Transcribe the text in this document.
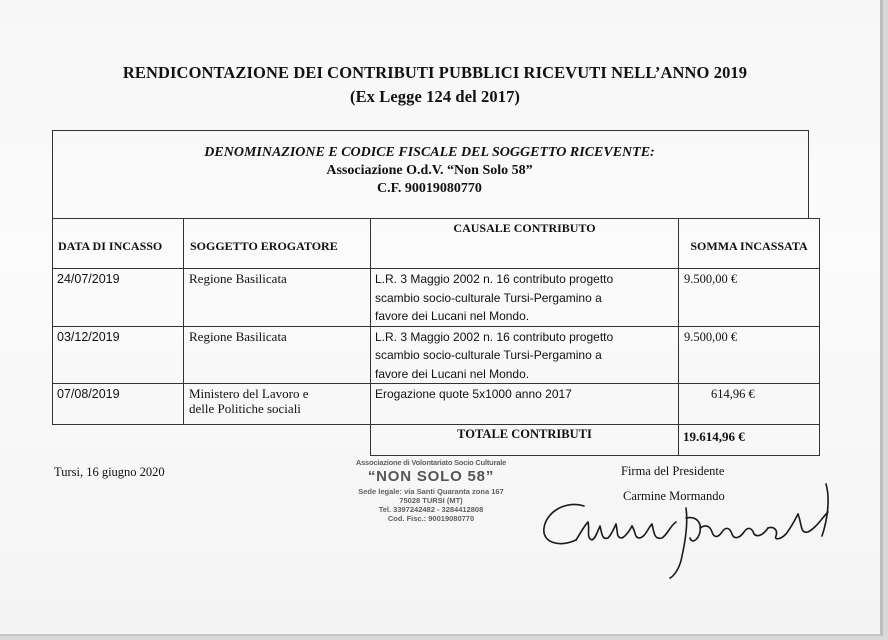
RENDICONTAZIONE DEI CONTRIBUTI PUBBLICI RICEVUTI NELL’ANNO 2019
(Ex Legge 124 del 2017)
DENOMINAZIONE E CODICE FISCALE DEL SOGGETTO RICEVENTE:
Associazione O.d.V. “Non Solo 58”
C.F. 90019080770
DATA DI INCASSO	SOGGETTO EROGATORE	CAUSALE CONTRIBUTO	SOMMA INCASSATA
24/07/2019	Regione Basilicata	L.R. 3 Maggio 2002 n. 16 contributo progetto
scambio socio-culturale Tursi-Pergamino a
favore dei Lucani nel Mondo.	9.500,00 €
03/12/2019	Regione Basilicata	L.R. 3 Maggio 2002 n. 16 contributo progetto
scambio socio-culturale Tursi-Pergamino a
favore dei Lucani nel Mondo.	9.500,00 €
07/08/2019	Ministero del Lavoro e
delle Politiche sociali	Erogazione quote 5x1000 anno 2017	614,96 €
		TOTALE CONTRIBUTI	19.614,96 €
Tursi, 16 giugno 2020
Associazione di Volontariato Socio Culturale
“NON SOLO 58”
Sede legale: via Santi Quaranta zona 167
75028 TURSI (MT)
Tel. 3397242482 - 3284412808
Cod. Fisc.: 90019080770
Firma del Presidente
Carmine Mormando
